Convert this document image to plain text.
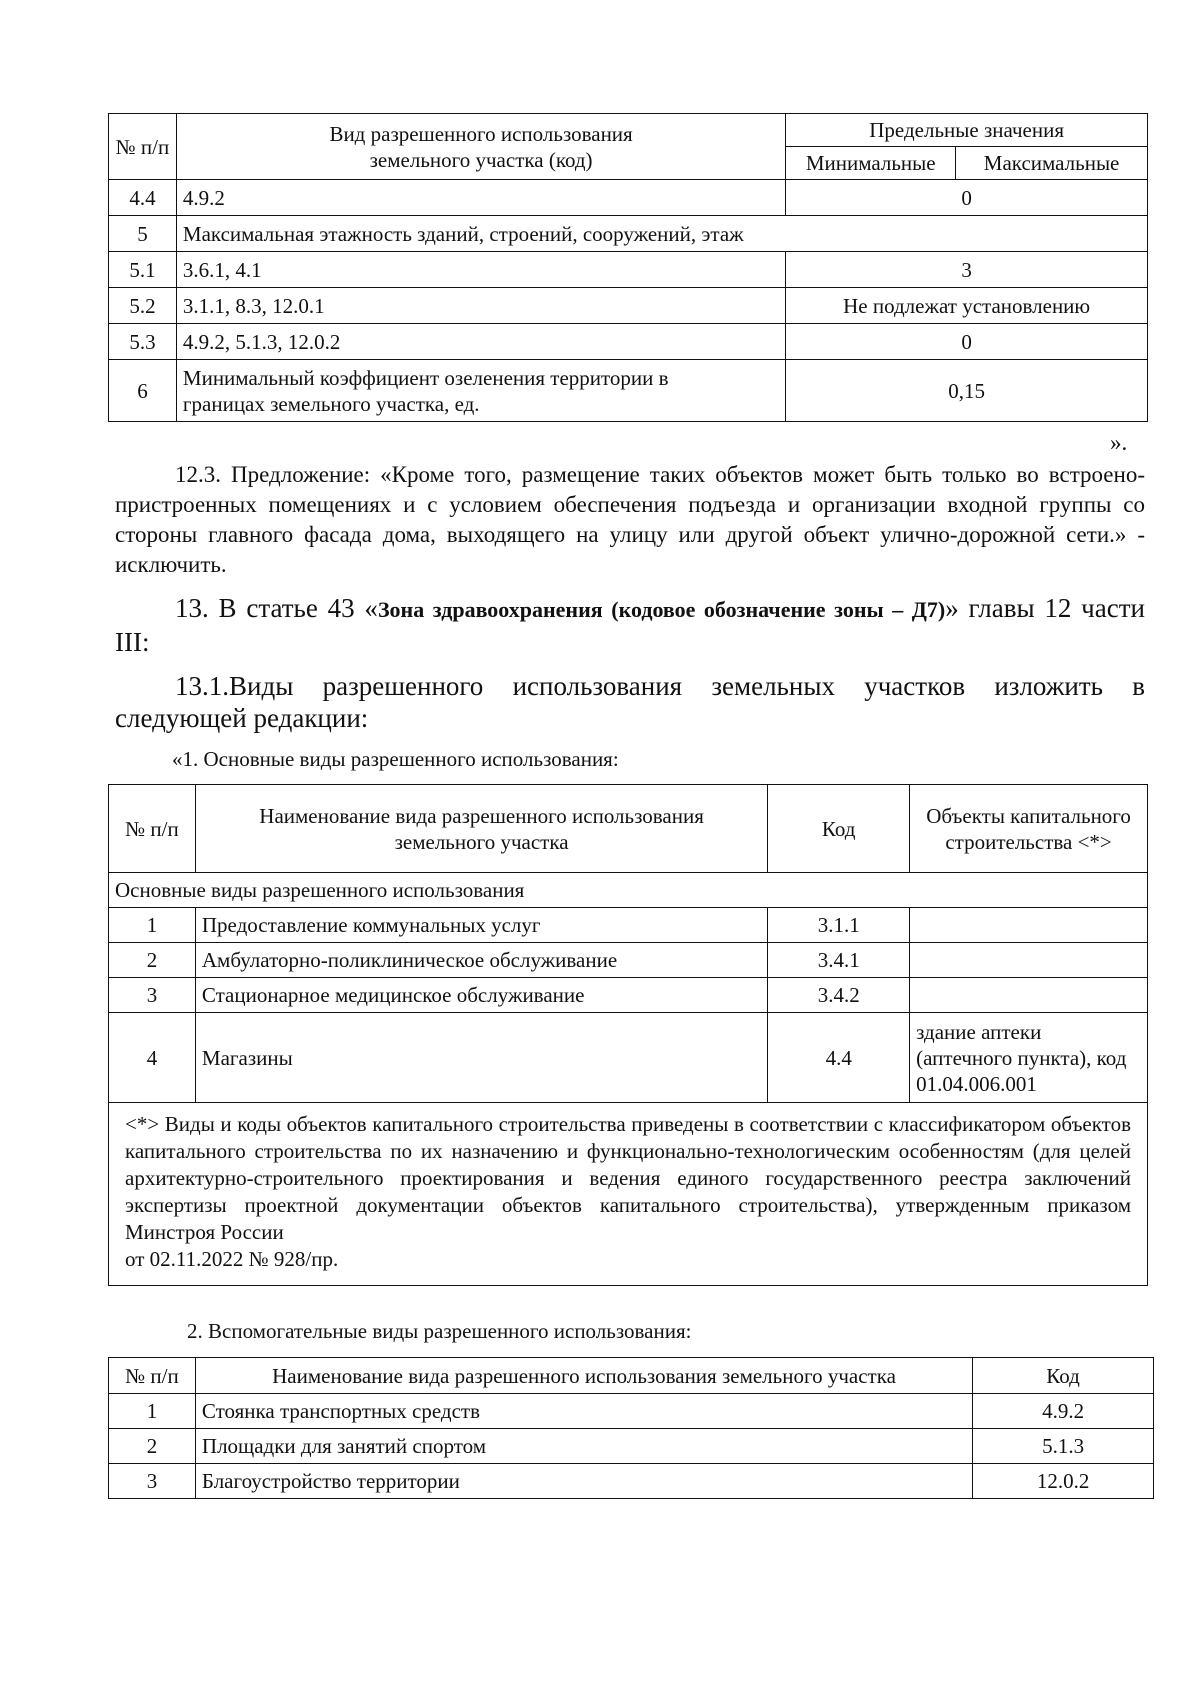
№ п/п	Вид разрешенного использования земельного участка (код)	Предельные значения	
		Минимальные	Максимальные
4.4	4.9.2	0	
5	Максимальная этажность зданий, строений, сооружений, этаж		
5.1	3.6.1, 4.1	3	
5.2	3.1.1, 8.3, 12.0.1	Не подлежат установлению	
5.3	4.9.2, 5.1.3, 12.0.2	0	
6	Минимальный коэффициент озеленения территории в границах земельного участка, ед.	0,15	
».
12.3. Предложение: «Кроме того, размещение таких объектов может быть только во встроено-пристроенных помещениях и с условием обеспечения подъезда и организации входной группы со стороны главного фасада дома, выходящего на улицу или другой объект улично-дорожной сети.» - исключить.
13. В статье 43 «Зона здравоохранения (кодовое обозначение зоны – Д7)» главы 12 части III:
13.1.Виды разрешенного использования земельных участков изложить в следующей редакции:
«1. Основные виды разрешенного использования:
№ п/п	Наименование вида разрешенного использования земельного участка	Код	Объекты капитального строительства <*>
Основные виды разрешенного использования			
1	Предоставление коммунальных услуг	3.1.1	
2	Амбулаторно-поликлиническое обслуживание	3.4.1	
3	Стационарное медицинское обслуживание	3.4.2	
4	Магазины	4.4	здание аптеки (аптечного пункта), код 01.04.006.001
<*> Виды и коды объектов капитального строительства приведены в соответствии с классификатором объектов капитального строительства по их назначению и функционально-технологическим особенностям (для целей архитектурно-строительного проектирования и ведения единого государственного реестра заключений экспертизы проектной документации объектов капитального строительства), утвержденным приказом Минстроя России
от 02.11.2022 № 928/пр.			
2. Вспомогательные виды разрешенного использования:
№ п/п	Наименование вида разрешенного использования земельного участка	Код
1	Стоянка транспортных средств	4.9.2
2	Площадки для занятий спортом	5.1.3
3	Благоустройство территории	12.0.2
